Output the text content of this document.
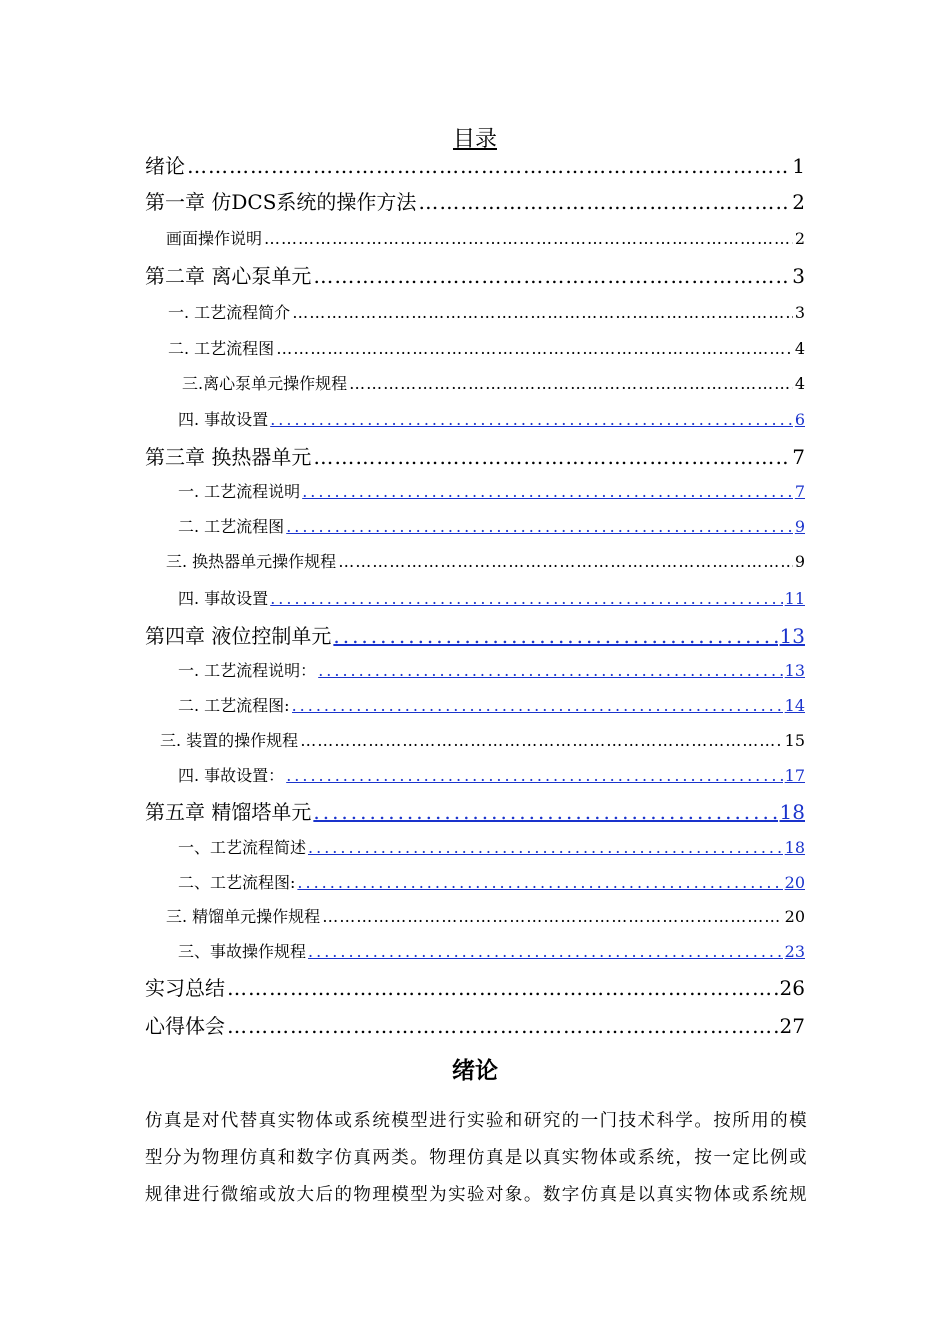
目录
绪论 ………………………………………………………………………………………………………………………………………………………………………………………	1
第一章 仿DCS系统的操作方法 ………………………………………………………………………………………………………………………………………………………………………………………	2
画面操作说明 ………………………………………………………………………………………………………………………………………………………………………………………	2
第二章 离心泵单元 ………………………………………………………………………………………………………………………………………………………………………………………	3
一. 工艺流程简介 ………………………………………………………………………………………………………………………………………………………………………………………	3
二. 工艺流程图 ………………………………………………………………………………………………………………………………………………………………………………………	4
三.离心泵单元操作规程 ………………………………………………………………………………………………………………………………………………………………………………………	4
四. 事故设置 .....	6
第三章 换热器单元 ………………………………………………………………………………………………………………………………………………………………………………………	7
一. 工艺流程说明 .....	7
二. 工艺流程图 .....	9
三. 换热器单元操作规程 ………………………………………………………………………………………………………………………………………………………………………………………	9
四. 事故设置 .....	11
第四章 液位控制单元 .....	13
一. 工艺流程说明： .....	13
二. 工艺流程图: .....	14
三. 装置的操作规程 ………………………………………………………………………………………………………………………………………………………………………………………	15
四. 事故设置： .....	17
第五章 精馏塔单元 .....	18
一、工艺流程简述 .....	18
二、工艺流程图: .....	20
三. 精馏单元操作规程 ………………………………………………………………………………………………………………………………………………………………………………………	20
三、事故操作规程 .....	23
实习总结 ………………………………………………………………………………………………………………………………………………………………………………………	26
心得体会 ………………………………………………………………………………………………………………………………………………………………………………………	27
绪论
仿真是对代替真实物体或系统模型进行实验和研究的一门技术科学。按所用的模
型分为物理仿真和数字仿真两类。物理仿真是以真实物体或系统，按一定比例或
规律进行微缩或放大后的物理模型为实验对象。数字仿真是以真实物体或系统规
